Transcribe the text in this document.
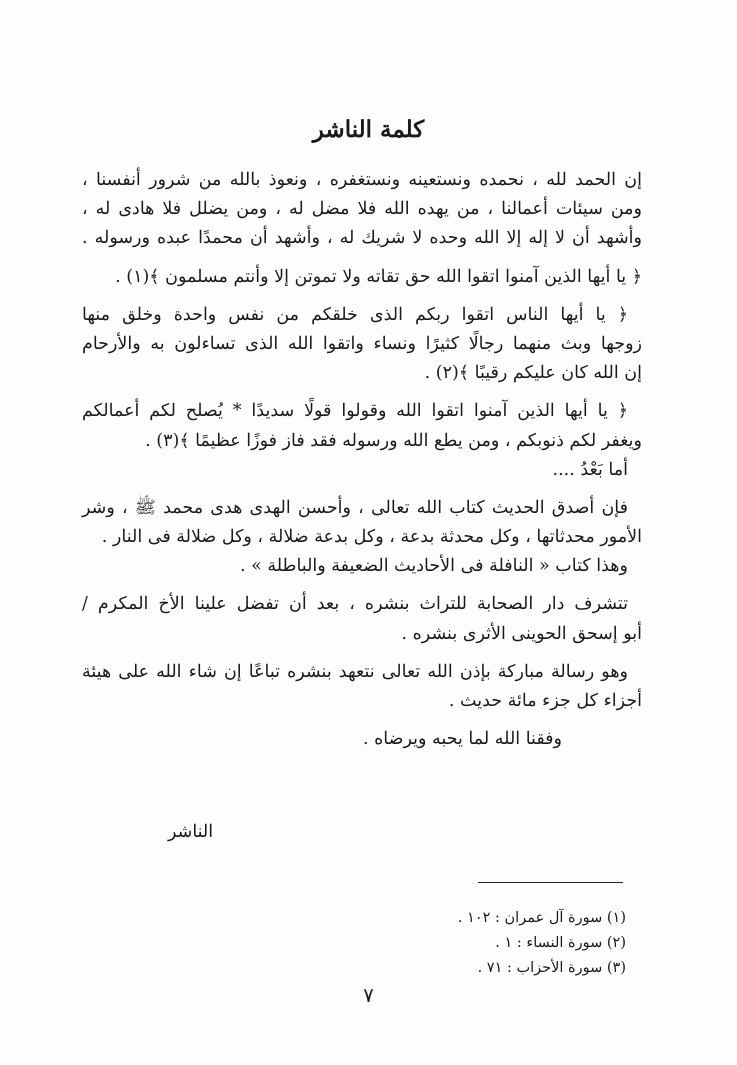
كلمة الناشر
إن الحمد لله ، نحمده ونستعينه ونستغفره ، ونعوذ بالله من شرور أنفسنا ،
ومن سيئات أعمالنا ، من يهده الله فلا مضل له ، ومن يضلل فلا هادى له ،
وأشهد أن لا إله إلا الله وحده لا شريك له ، وأشهد أن محمدًا عبده ورسوله .
﴿ يا أيها الذين آمنوا اتقوا الله حق تقاته ولا تموتن إلا وأنتم مسلمون ﴾(١) .
﴿ يا أيها الناس اتقوا ربكم الذى خلقكم من نفس واحدة وخلق منها
زوجها وبث منهما رجالًا كثيرًا ونساء واتقوا الله الذى تساءلون به والأرحام
إن الله كان عليكم رقيبًا ﴾(٢) .
﴿ يا أيها الذين آمنوا اتقوا الله وقولوا قولًا سديدًا * يُصلح لكم أعمالكم
ويغفر لكم ذنوبكم ، ومن يطع الله ورسوله فقد فاز فوزًا عظيمًا ﴾(٣) .
أما بَعْدُ ....
فإن أصدق الحديث كتاب الله تعالى ، وأحسن الهدى هدى محمد ﷺ ، وشر
الأمور محدثاتها ، وكل محدثة بدعة ، وكل بدعة ضلالة ، وكل ضلالة فى النار .
وهذا كتاب « النافلة فى الأحاديث الضعيفة والباطلة » .
تتشرف دار الصحابة للتراث بنشره ، بعد أن تفضل علينا الأخ المكرم /
أبو إسحق الحوينى الأثرى بنشره .
وهو رسالة مباركة بإذن الله تعالى نتعهد بنشره تباعًا إن شاء الله على هيئة
أجزاء كل جزء مائة حديث .
وفقنا الله لما يحبه ويرضاه .
الناشر
(١) سورة آل عمران : ١٠٢ .
(٢) سورة النساء : ١ .
(٣) سورة الأحزاب : ٧١ .
٧
